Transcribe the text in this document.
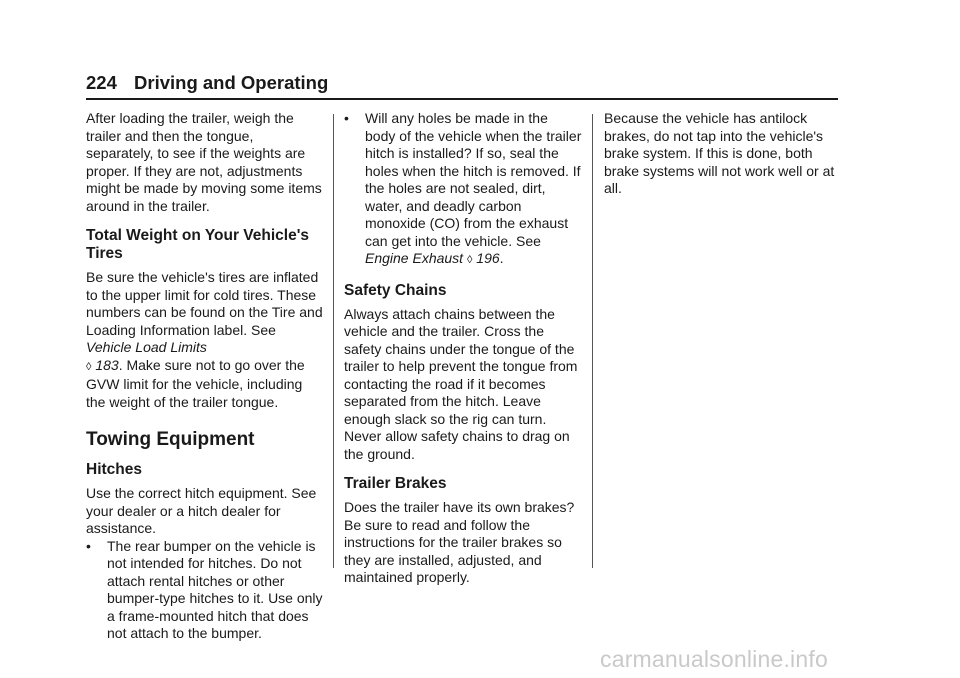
224 Driving and Operating

After loading the trailer, weigh the trailer and then the tongue, separately, to see if the weights are proper. If they are not, adjustments might be made by moving some items around in the trailer.

Total Weight on Your Vehicle's Tires

Be sure the vehicle's tires are inflated to the upper limit for cold tires. These numbers can be found on the Tire and Loading Information label. See Vehicle Load Limits
◊ 183. Make sure not to go over the GVW limit for the vehicle, including the weight of the trailer tongue.

Towing Equipment
Hitches

Use the correct hitch equipment. See your dealer or a hitch dealer for assistance.

• The rear bumper on the vehicle is not intended for hitches. Do not attach rental hitches or other bumper-type hitches to it. Use only a frame-mounted hitch that does not attach to the bumper.

• Will any holes be made in the body of the vehicle when the trailer hitch is installed? If so, seal the holes when the hitch is removed. If the holes are not sealed, dirt, water, and deadly carbon monoxide (CO) from the exhaust can get into the vehicle. See Engine Exhaust ◊ 196.

Safety Chains

Always attach chains between the vehicle and the trailer. Cross the safety chains under the tongue of the trailer to help prevent the tongue from contacting the road if it becomes separated from the hitch. Leave enough slack so the rig can turn. Never allow safety chains to drag on the ground.

Trailer Brakes

Does the trailer have its own brakes? Be sure to read and follow the instructions for the trailer brakes so they are installed, adjusted, and maintained properly.

Because the vehicle has antilock brakes, do not tap into the vehicle's brake system. If this is done, both brake systems will not work well or at all.

carmanualsonline.info
